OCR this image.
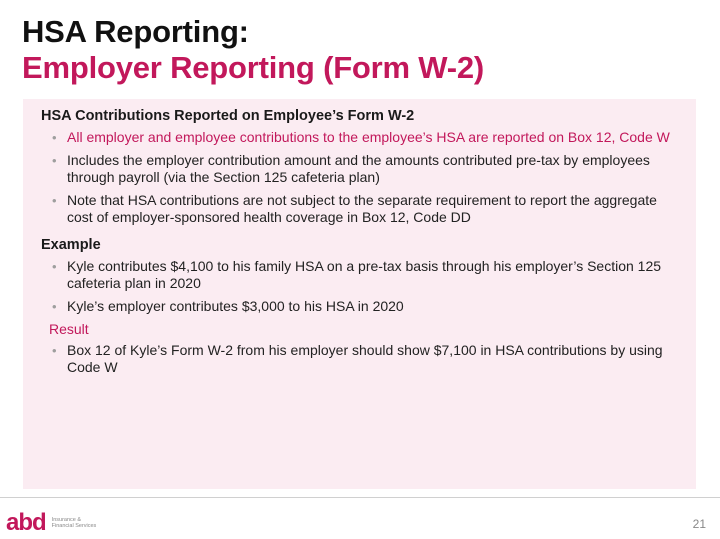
HSA Reporting:
Employer Reporting (Form W-2)
HSA Contributions Reported on Employee’s Form W-2
• All employer and employee contributions to the employee’s HSA are reported on Box 12, Code W
• Includes the employer contribution amount and the amounts contributed pre-tax by employees through payroll (via the Section 125 cafeteria plan)
• Note that HSA contributions are not subject to the separate requirement to report the aggregate cost of employer-sponsored health coverage in Box 12, Code DD
Example
• Kyle contributes $4,100 to his family HSA on a pre-tax basis through his employer’s Section 125 cafeteria plan in 2020
• Kyle’s employer contributes $3,000 to his HSA in 2020
Result
• Box 12 of Kyle’s Form W-2 from his employer should show $7,100 in HSA contributions by using Code W
abd Insurance &
Financial Services	21
